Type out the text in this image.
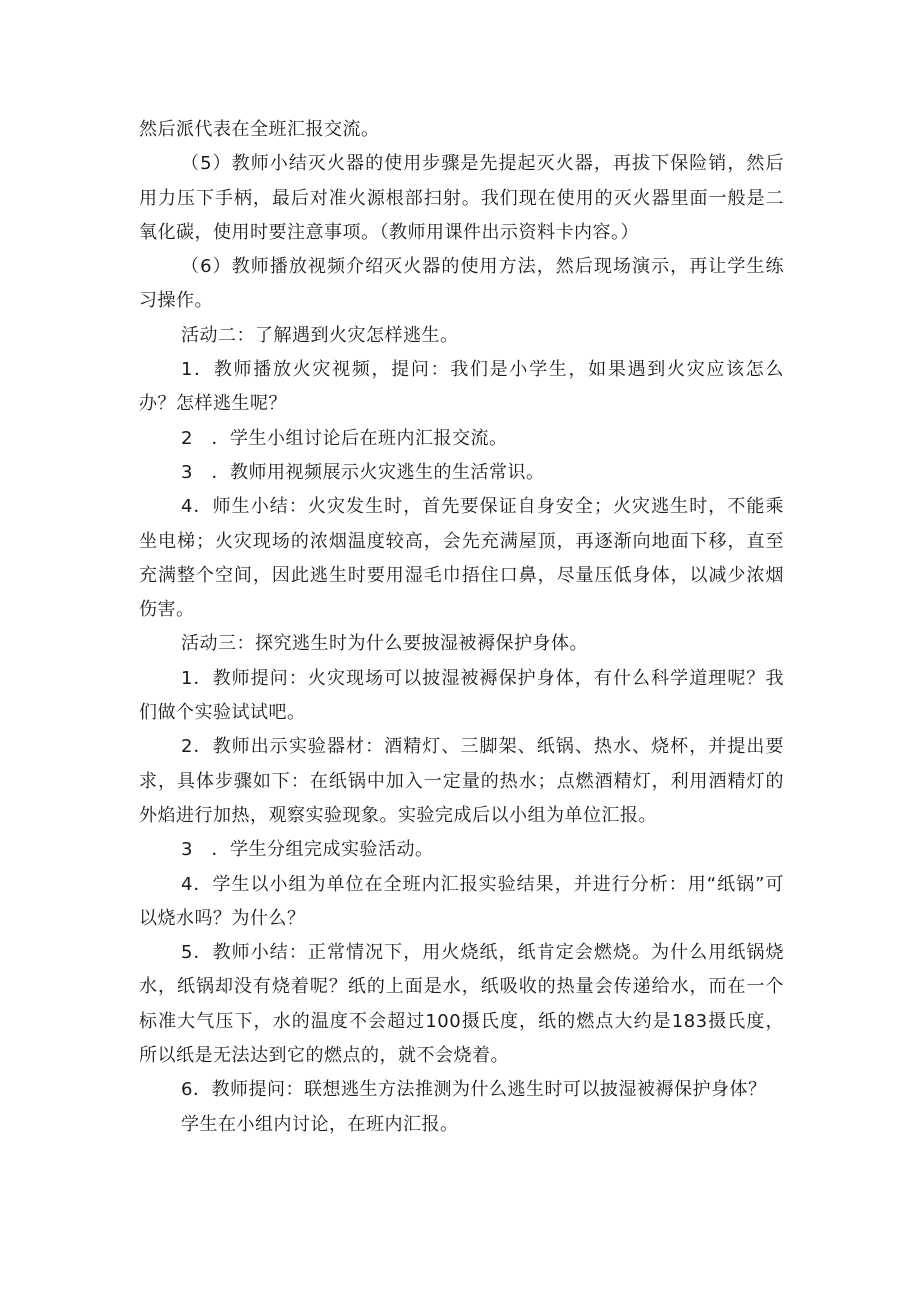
然后派代表在全班汇报交流。

（5）教师小结灭火器的使用步骤是先提起灭火器，再拔下保险销，然后用力压下手柄，最后对准火源根部扫射。我们现在使用的灭火器里面一般是二氧化碳，使用时要注意事项。（教师用课件出示资料卡内容。）

（6）教师播放视频介绍灭火器的使用方法，然后现场演示，再让学生练习操作。

活动二：了解遇到火灾怎样逃生。

1．教师播放火灾视频，提问：我们是小学生，如果遇到火灾应该怎么办？怎样逃生呢？

2　．学生小组讨论后在班内汇报交流。

3　．教师用视频展示火灾逃生的生活常识。

4．师生小结：火灾发生时，首先要保证自身安全；火灾逃生时，不能乘坐电梯；火灾现场的浓烟温度较高，会先充满屋顶，再逐渐向地面下移，直至充满整个空间，因此逃生时要用湿毛巾捂住口鼻，尽量压低身体，以减少浓烟伤害。

活动三：探究逃生时为什么要披湿被褥保护身体。

1．教师提问：火灾现场可以披湿被褥保护身体，有什么科学道理呢？我们做个实验试试吧。

2．教师出示实验器材：酒精灯、三脚架、纸锅、热水、烧杯，并提出要求，具体步骤如下：在纸锅中加入一定量的热水；点燃酒精灯，利用酒精灯的外焰进行加热，观察实验现象。实验完成后以小组为单位汇报。

3　．学生分组完成实验活动。

4．学生以小组为单位在全班内汇报实验结果，并进行分析：用“纸锅”可以烧水吗？为什么？

5．教师小结：正常情况下，用火烧纸，纸肯定会燃烧。为什么用纸锅烧水，纸锅却没有烧着呢？纸的上面是水，纸吸收的热量会传递给水，而在一个标准大气压下，水的温度不会超过100摄氏度，纸的燃点大约是183摄氏度，所以纸是无法达到它的燃点的，就不会烧着。

6．教师提问：联想逃生方法推测为什么逃生时可以披湿被褥保护身体？

学生在小组内讨论，在班内汇报。
